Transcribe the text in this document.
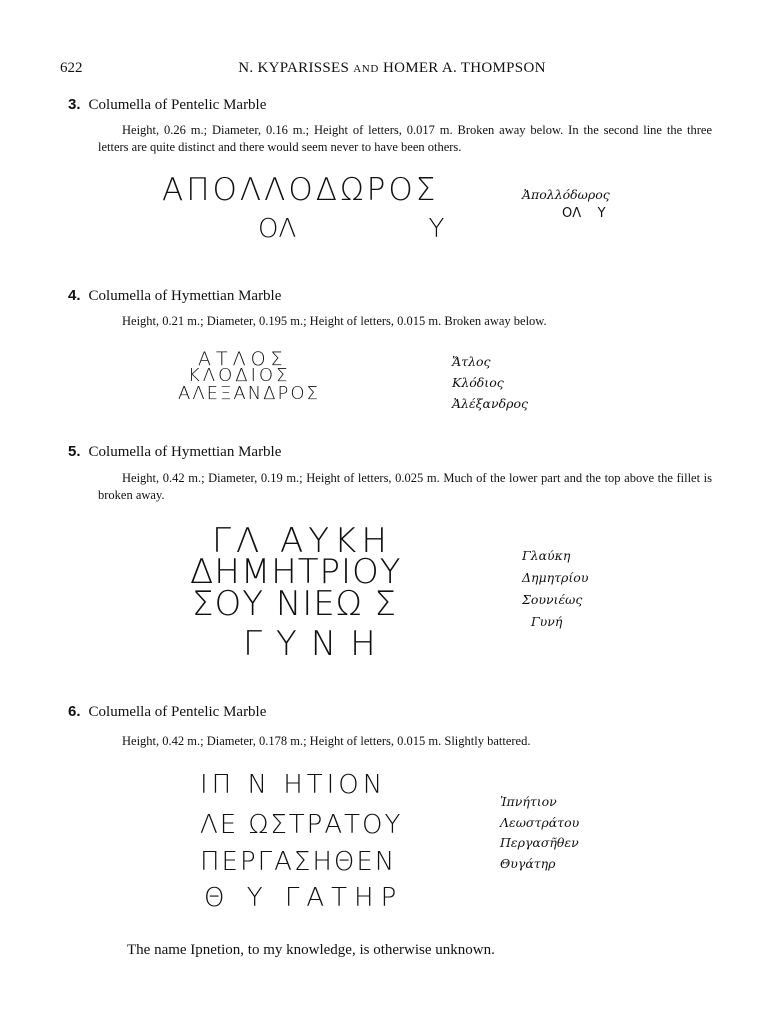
622	N. KYPARISSES AND HOMER A. THOMPSON
3. Columella of Pentelic Marble
Height, 0.26 m.; Diameter, 0.16 m.; Height of letters, 0.017 m. Broken away below. In the second line the three letters are quite distinct and there would seem never to have been others.
ΑΠΟΛΛΟΔΩΡΟΣ
ΟΛ                Υ
Ἀπολλόδωρος
ΟΛ    Υ
4. Columella of Hymettian Marble
Height, 0.21 m.; Diameter, 0.195 m.; Height of letters, 0.015 m. Broken away below.
ΑΤΛΟΣ
ΚΛΟΔΙΟΣ
ΑΛΕΞΑΝΔΡΟΣ
Ἄτλος
Κλόδιος
Ἀλέξανδρος
5. Columella of Hymettian Marble
Height, 0.42 m.; Diameter, 0.19 m.; Height of letters, 0.025 m. Much of the lower part and the top above the fillet is broken away.
ΓΛ ΑΥΚΗ
ΔΗΜΗΤΡΙΟΥ
ΣΟΥ ΝΙΕΩ Σ
ΓΥΝΗ
Γλαύκη
Δημητρίου
Σουνιέως
Γυνή
6. Columella of Pentelic Marble
Height, 0.42 m.; Diameter, 0.178 m.; Height of letters, 0.015 m. Slightly battered.
ΙΠ Ν ΗΤΙΟΝ
ΛΕ ΩΣΤΡΑΤΟΥ
ΠΕΡΓΑΣΗΘΕΝ
Θ Υ ΓΑΤΗΡ
Ἰπνήτιον
Λεωστράτου
Περγασῆθεν
Θυγάτηρ
The name Ipnetion, to my knowledge, is otherwise unknown.
